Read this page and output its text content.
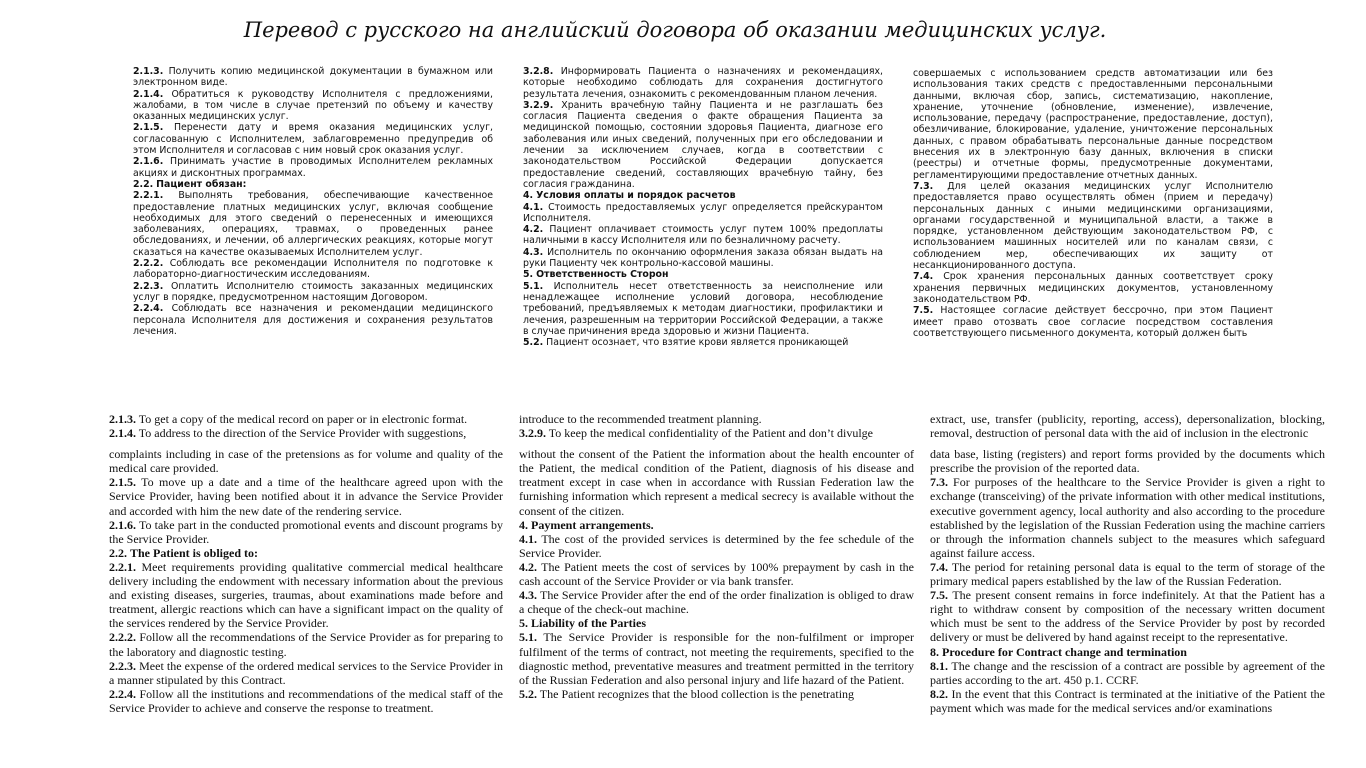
Перевод с русского на английский договора об оказании медицинских услуг.

2.1.3. Получить копию медицинской документации в бумажном или электронном виде.

2.1.4. Обратиться к руководству Исполнителя с предложениями, жалобами, в том числе в случае претензий по объему и качеству оказанных медицинских услуг.

2.1.5. Перенести дату и время оказания медицинских услуг, согласованную с Исполнителем, заблаговременно предупредив об этом Исполнителя и согласовав с ним новый срок оказания услуг.

2.1.6. Принимать участие в проводимых Исполнителем рекламных акциях и дисконтных программах.

2.2. Пациент обязан:

2.2.1. Выполнять требования, обеспечивающие качественное предоставление платных медицинских услуг, включая сообщение необходимых для этого сведений о перенесенных и имеющихся заболеваниях, операциях, травмах, о проведенных ранее обследованиях, и лечении, об аллергических реакциях, которые могут сказаться на качестве оказываемых Исполнителем услуг.

2.2.2. Соблюдать все рекомендации Исполнителя по подготовке к лабораторно-диагностическим исследованиям.

2.2.3. Оплатить Исполнителю стоимость заказанных медицинских услуг в порядке, предусмотренном настоящим Договором.

2.2.4. Соблюдать все назначения и рекомендации медицинского персонала Исполнителя для достижения и сохранения результатов лечения.

3.2.8. Информировать Пациента о назначениях и рекомендациях, которые необходимо соблюдать для сохранения достигнутого результата лечения, ознакомить с рекомендованным планом лечения.

3.2.9. Хранить врачебную тайну Пациента и не разглашать без согласия Пациента сведения о факте обращения Пациента за медицинской помощью, состоянии здоровья Пациента, диагнозе его заболевания или иных сведений, полученных при его обследовании и лечении за исключением случаев, когда в соответствии с законодательством Российской Федерации допускается предоставление сведений, составляющих врачебную тайну, без согласия гражданина.

4. Условия оплаты и порядок расчетов

4.1. Стоимость предоставляемых услуг определяется прейскурантом Исполнителя.

4.2. Пациент оплачивает стоимость услуг путем 100% предоплаты наличными в кассу Исполнителя или по безналичному расчету.

4.3. Исполнитель по окончанию оформления заказа обязан выдать на руки Пациенту чек контрольно-кассовой машины.

5. Ответственность Сторон

5.1. Исполнитель несет ответственность за неисполнение или ненадлежащее исполнение условий договора, несоблюдение требований, предъявляемых к методам диагностики, профилактики и лечения, разрешенным на территории Российской Федерации, а также в случае причинения вреда здоровью и жизни Пациента.

5.2. Пациент осознает, что взятие крови является проникающей

совершаемых с использованием средств автоматизации или без использования таких средств с предоставленными персональными данными, включая сбор, запись, систематизацию, накопление, хранение, уточнение (обновление, изменение), извлечение, использование, передачу (распространение, предоставление, доступ), обезличивание, блокирование, удаление, уничтожение персональных данных, с правом обрабатывать персональные данные посредством внесения их в электронную базу данных, включения в списки (реестры) и отчетные формы, предусмотренные документами, регламентирующими предоставление отчетных данных.

7.3. Для целей оказания медицинских услуг Исполнителю предоставляется право осуществлять обмен (прием и передачу) персональных данных с иными медицинскими организациями, органами государственной и муниципальной власти, а также в порядке, установленном действующим законодательством РФ, с использованием машинных носителей или по каналам связи, с соблюдением мер, обеспечивающих их защиту от несанкционированного доступа.

7.4. Срок хранения персональных данных соответствует сроку хранения первичных медицинских документов, установленному законодательством РФ.

7.5. Настоящее согласие действует бессрочно, при этом Пациент имеет право отозвать свое согласие посредством составления соответствующего письменного документа, который должен быть

2.1.3. To get a copy of the medical record on paper or in electronic format.

2.1.4. To address to the direction of the Service Provider with suggestions,

complaints including in case of the pretensions as for volume and quality of the medical care provided.

2.1.5. To move up a date and a time of the healthcare agreed upon with the Service Provider, having been notified about it in advance the Service Provider and accorded with him the new date of the rendering service.

2.1.6. To take part in the conducted promotional events and discount programs by the Service Provider.

2.2. The Patient is obliged to:

2.2.1. Meet requirements providing qualitative commercial medical healthcare delivery including the endowment with necessary information about the previous and existing diseases, surgeries, traumas, about examinations made before and treatment, allergic reactions which can have a significant impact on the quality of the services rendered by the Service Provider.

2.2.2. Follow all the recommendations of the Service Provider as for preparing to the laboratory and diagnostic testing.

2.2.3. Meet the expense of the ordered medical services to the Service Provider in a manner stipulated by this Contract.

2.2.4. Follow all the institutions and recommendations of the medical staff of the Service Provider to achieve and conserve the response to treatment.

introduce to the recommended treatment planning.

3.2.9. To keep the medical confidentiality of the Patient and don’t divulge

without the consent of the Patient the information about the health encounter of the Patient, the medical condition of the Patient, diagnosis of his disease and treatment except in case when in accordance with Russian Federation law the furnishing information which represent a medical secrecy is available without the consent of the citizen.

4. Payment arrangements.

4.1. The cost of the provided services is determined by the fee schedule of the Service Provider.

4.2. The Patient meets the cost of services by 100% prepayment by cash in the cash account of the Service Provider or via bank transfer.

4.3. The Service Provider after the end of the order finalization is obliged to draw a cheque of the check-out machine.

5. Liability of the Parties

5.1. The Service Provider is responsible for the non-fulfilment or improper fulfilment of the terms of contract, not meeting the requirements, specified to the diagnostic method, preventative measures and treatment permitted in the territory of the Russian Federation and also personal injury and life hazard of the Patient.

5.2. The Patient recognizes that the blood collection is the penetrating

extract, use, transfer (publicity, reporting, access), depersonalization, blocking, removal, destruction of personal data with the aid of inclusion in the electronic

data base, listing (registers) and report forms provided by the documents which prescribe the provision of the reported data.

7.3. For purposes of the healthcare to the Service Provider is given a right to exchange (transceiving) of the private information with other medical institutions, executive government agency, local authority and also according to the procedure established by the legislation of the Russian Federation using the machine carriers or through the information channels subject to the measures which safeguard against failure access.

7.4. The period for retaining personal data is equal to the term of storage of the primary medical papers established by the law of the Russian Federation.

7.5. The present consent remains in force indefinitely. At that the Patient has a right to withdraw consent by composition of the necessary written document which must be sent to the address of the Service Provider by post by recorded delivery or must be delivered by hand against receipt to the representative.

8. Procedure for Contract change and termination

8.1. The change and the rescission of a contract are possible by agreement of the parties according to the art. 450 p.1. CCRF.

8.2. In the event that this Contract is terminated at the initiative of the Patient the payment which was made for the medical services and/or examinations
